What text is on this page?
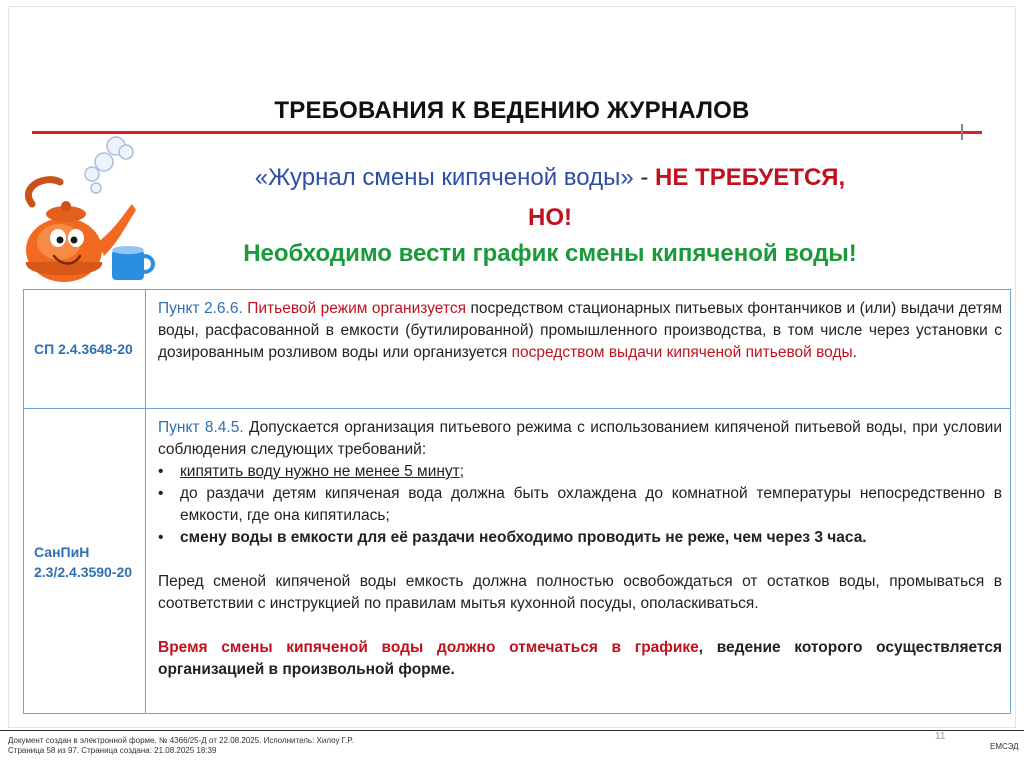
ТРЕБОВАНИЯ К ВЕДЕНИЮ ЖУРНАЛОВ
«Журнал смены кипяченой воды» - НЕ ТРЕБУЕТСЯ,
НО!
Необходимо вести график смены кипяченой воды!
СП 2.4.3648-20
Пункт 2.6.6. Питьевой режим организуется посредством стационарных питьевых фонтанчиков и (или) выдачи детям воды, расфасованной в емкости (бутилированной) промышленного производства, в том числе через установки с дозированным розливом воды или организуется посредством выдачи кипяченой питьевой воды.
СанПиН
2.3/2.4.3590-20
Пункт 8.4.5. Допускается организация питьевого режима с использованием кипяченой питьевой воды, при условии соблюдения следующих требований:
•	кипятить воду нужно не менее 5 минут;
•	до раздачи детям кипяченая вода должна быть охлаждена до комнатной температуры непосредственно в емкости, где она кипятилась;
•	смену воды в емкости для её раздачи необходимо проводить не реже, чем через 3 часа.
Перед сменой кипяченой воды емкость должна полностью освобождаться от остатков воды, промываться в соответствии с инструкцией по правилам мытья кухонной посуды, ополаскиваться.
Время смены кипяченой воды должно отмечаться в графике, ведение которого осуществляется организацией в произвольной форме.
11
Документ создан в электронной форме. № 4366/25-Д от 22.08.2025. Исполнитель: Хилоу Г.Р.
Страница 58 из 97. Страница создана: 21.08.2025 18:39	ЕМСЭД
